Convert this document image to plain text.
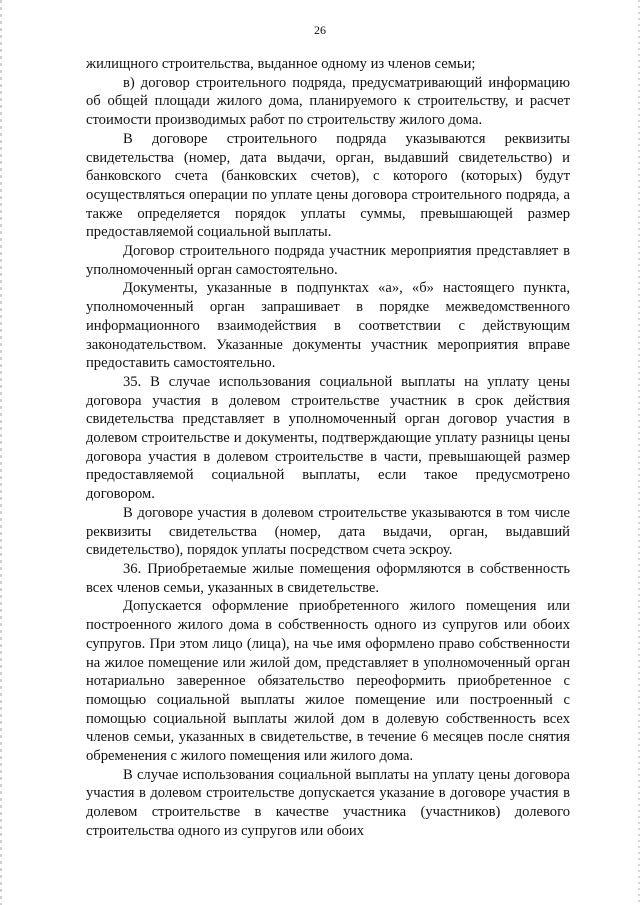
26

жилищного строительства, выданное одному из членов семьи;

в) договор строительного подряда, предусматривающий информацию об общей площади жилого дома, планируемого к строительству, и расчет стоимости производимых работ по строительству жилого дома.

В договоре строительного подряда указываются реквизиты свидетельства (номер, дата выдачи, орган, выдавший свидетельство) и банковского счета (банковских счетов), с которого (которых) будут осуществляться операции по уплате цены договора строительного подряда, а также определяется порядок уплаты суммы, превышающей размер предоставляемой социальной выплаты.

Договор строительного подряда участник мероприятия представляет в уполномоченный орган самостоятельно.

Документы, указанные в подпунктах «а», «б» настоящего пункта, уполномоченный орган запрашивает в порядке межведомственного информационного взаимодействия в соответствии с действующим законодательством. Указанные документы участник мероприятия вправе предоставить самостоятельно.

35. В случае использования социальной выплаты на уплату цены договора участия в долевом строительстве участник в срок действия свидетельства представляет в уполномоченный орган договор участия в долевом строительстве и документы, подтверждающие уплату разницы цены договора участия в долевом строительстве в части, превышающей размер предоставляемой социальной выплаты, если такое предусмотрено договором.

В договоре участия в долевом строительстве указываются в том числе реквизиты свидетельства (номер, дата выдачи, орган, выдавший свидетельство), порядок уплаты посредством счета эскроу.

36. Приобретаемые жилые помещения оформляются в собственность всех членов семьи, указанных в свидетельстве.

Допускается оформление приобретенного жилого помещения или построенного жилого дома в собственность одного из супругов или обоих супругов. При этом лицо (лица), на чье имя оформлено право собственности на жилое помещение или жилой дом, представляет в уполномоченный орган нотариально заверенное обязательство переоформить приобретенное с помощью социальной выплаты жилое помещение или построенный с помощью социальной выплаты жилой дом в долевую собственность всех членов семьи, указанных в свидетельстве, в течение 6 месяцев после снятия обременения с жилого помещения или жилого дома.

В случае использования социальной выплаты на уплату цены договора участия в долевом строительстве допускается указание в договоре участия в долевом строительстве в качестве участника (участников) долевого строительства одного из супругов или обоих
